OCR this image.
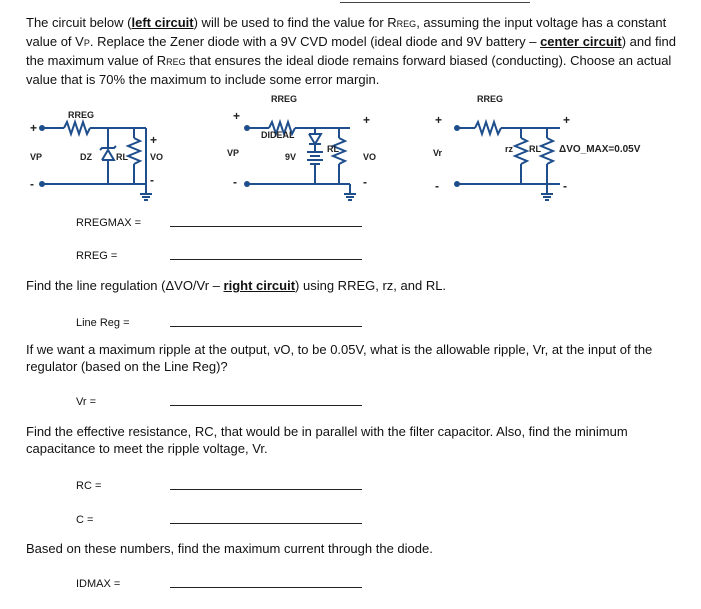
The circuit below (left circuit) will be used to find the value for RREG, assuming the input voltage has a constant value of VP. Replace the Zener diode with a 9V CVD model (ideal diode and 9V battery – center circuit) and find the maximum value of RREG that ensures the ideal diode remains forward biased (conducting). Choose an actual value that is 70% the maximum to include some error margin.

+
-
RREG
VP	DZ	RL VO
+
-
+
-
RREG
VP
DIDEAL
9V
RL
VO
+
-
+
-
RREG
Vr	rz RL ΔVO_MAX=0.05V
+
-
RREGMAX =
RREG =

Find the line regulation (ΔVO/Vr – right circuit) using RREG, rz, and RL.

Line Reg =

If we want a maximum ripple at the output, vO, to be 0.05V, what is the allowable ripple, Vr, at the input of the regulator (based on the Line Reg)?

Vr =

Find the effective resistance, RC, that would be in parallel with the filter capacitor. Also, find the minimum capacitance to meet the ripple voltage, Vr.

RC =
C =

Based on these numbers, find the maximum current through the diode.

IDMAX =
